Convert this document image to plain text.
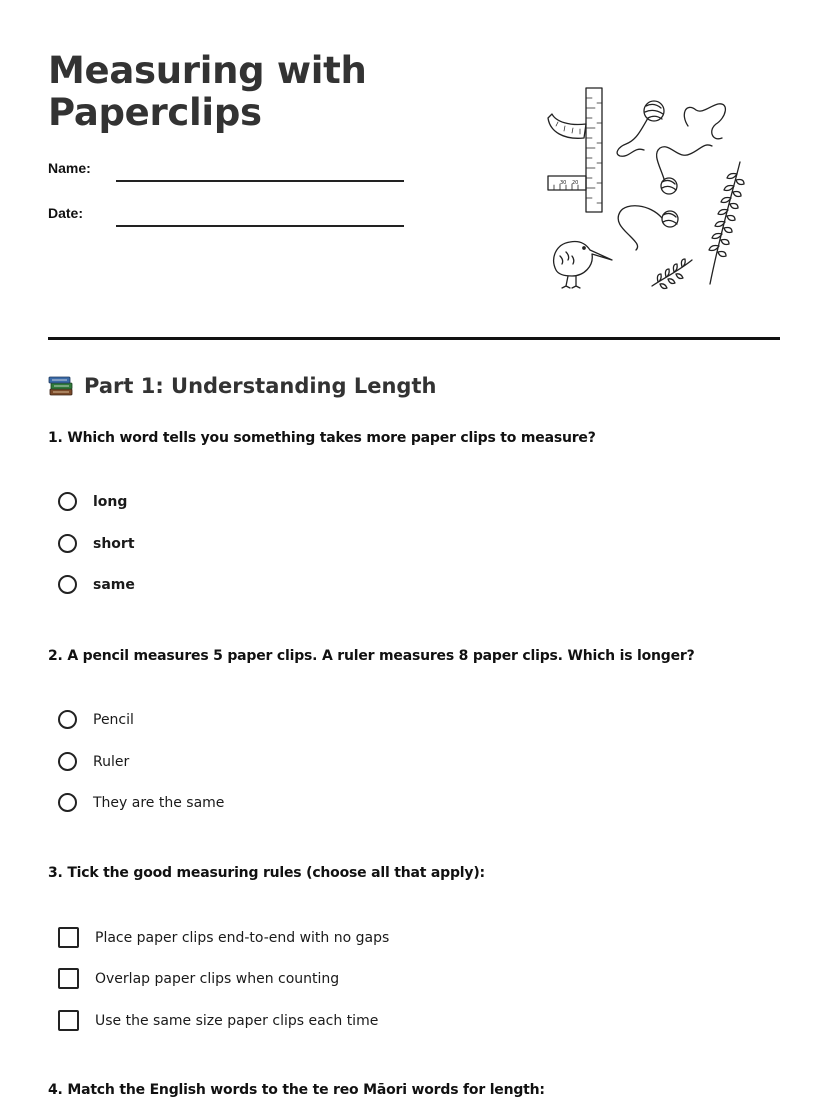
Measuring with
Paperclips
Name:
Date:
30 20
Part 1: Understanding Length
1. Which word tells you something takes more paper clips to measure?
long
short
same
2. A pencil measures 5 paper clips. A ruler measures 8 paper clips. Which is longer?
Pencil
Ruler
They are the same
3. Tick the good measuring rules (choose all that apply):
Place paper clips end-to-end with no gaps
Overlap paper clips when counting
Use the same size paper clips each time
4. Match the English words to the te reo Māori words for length:
